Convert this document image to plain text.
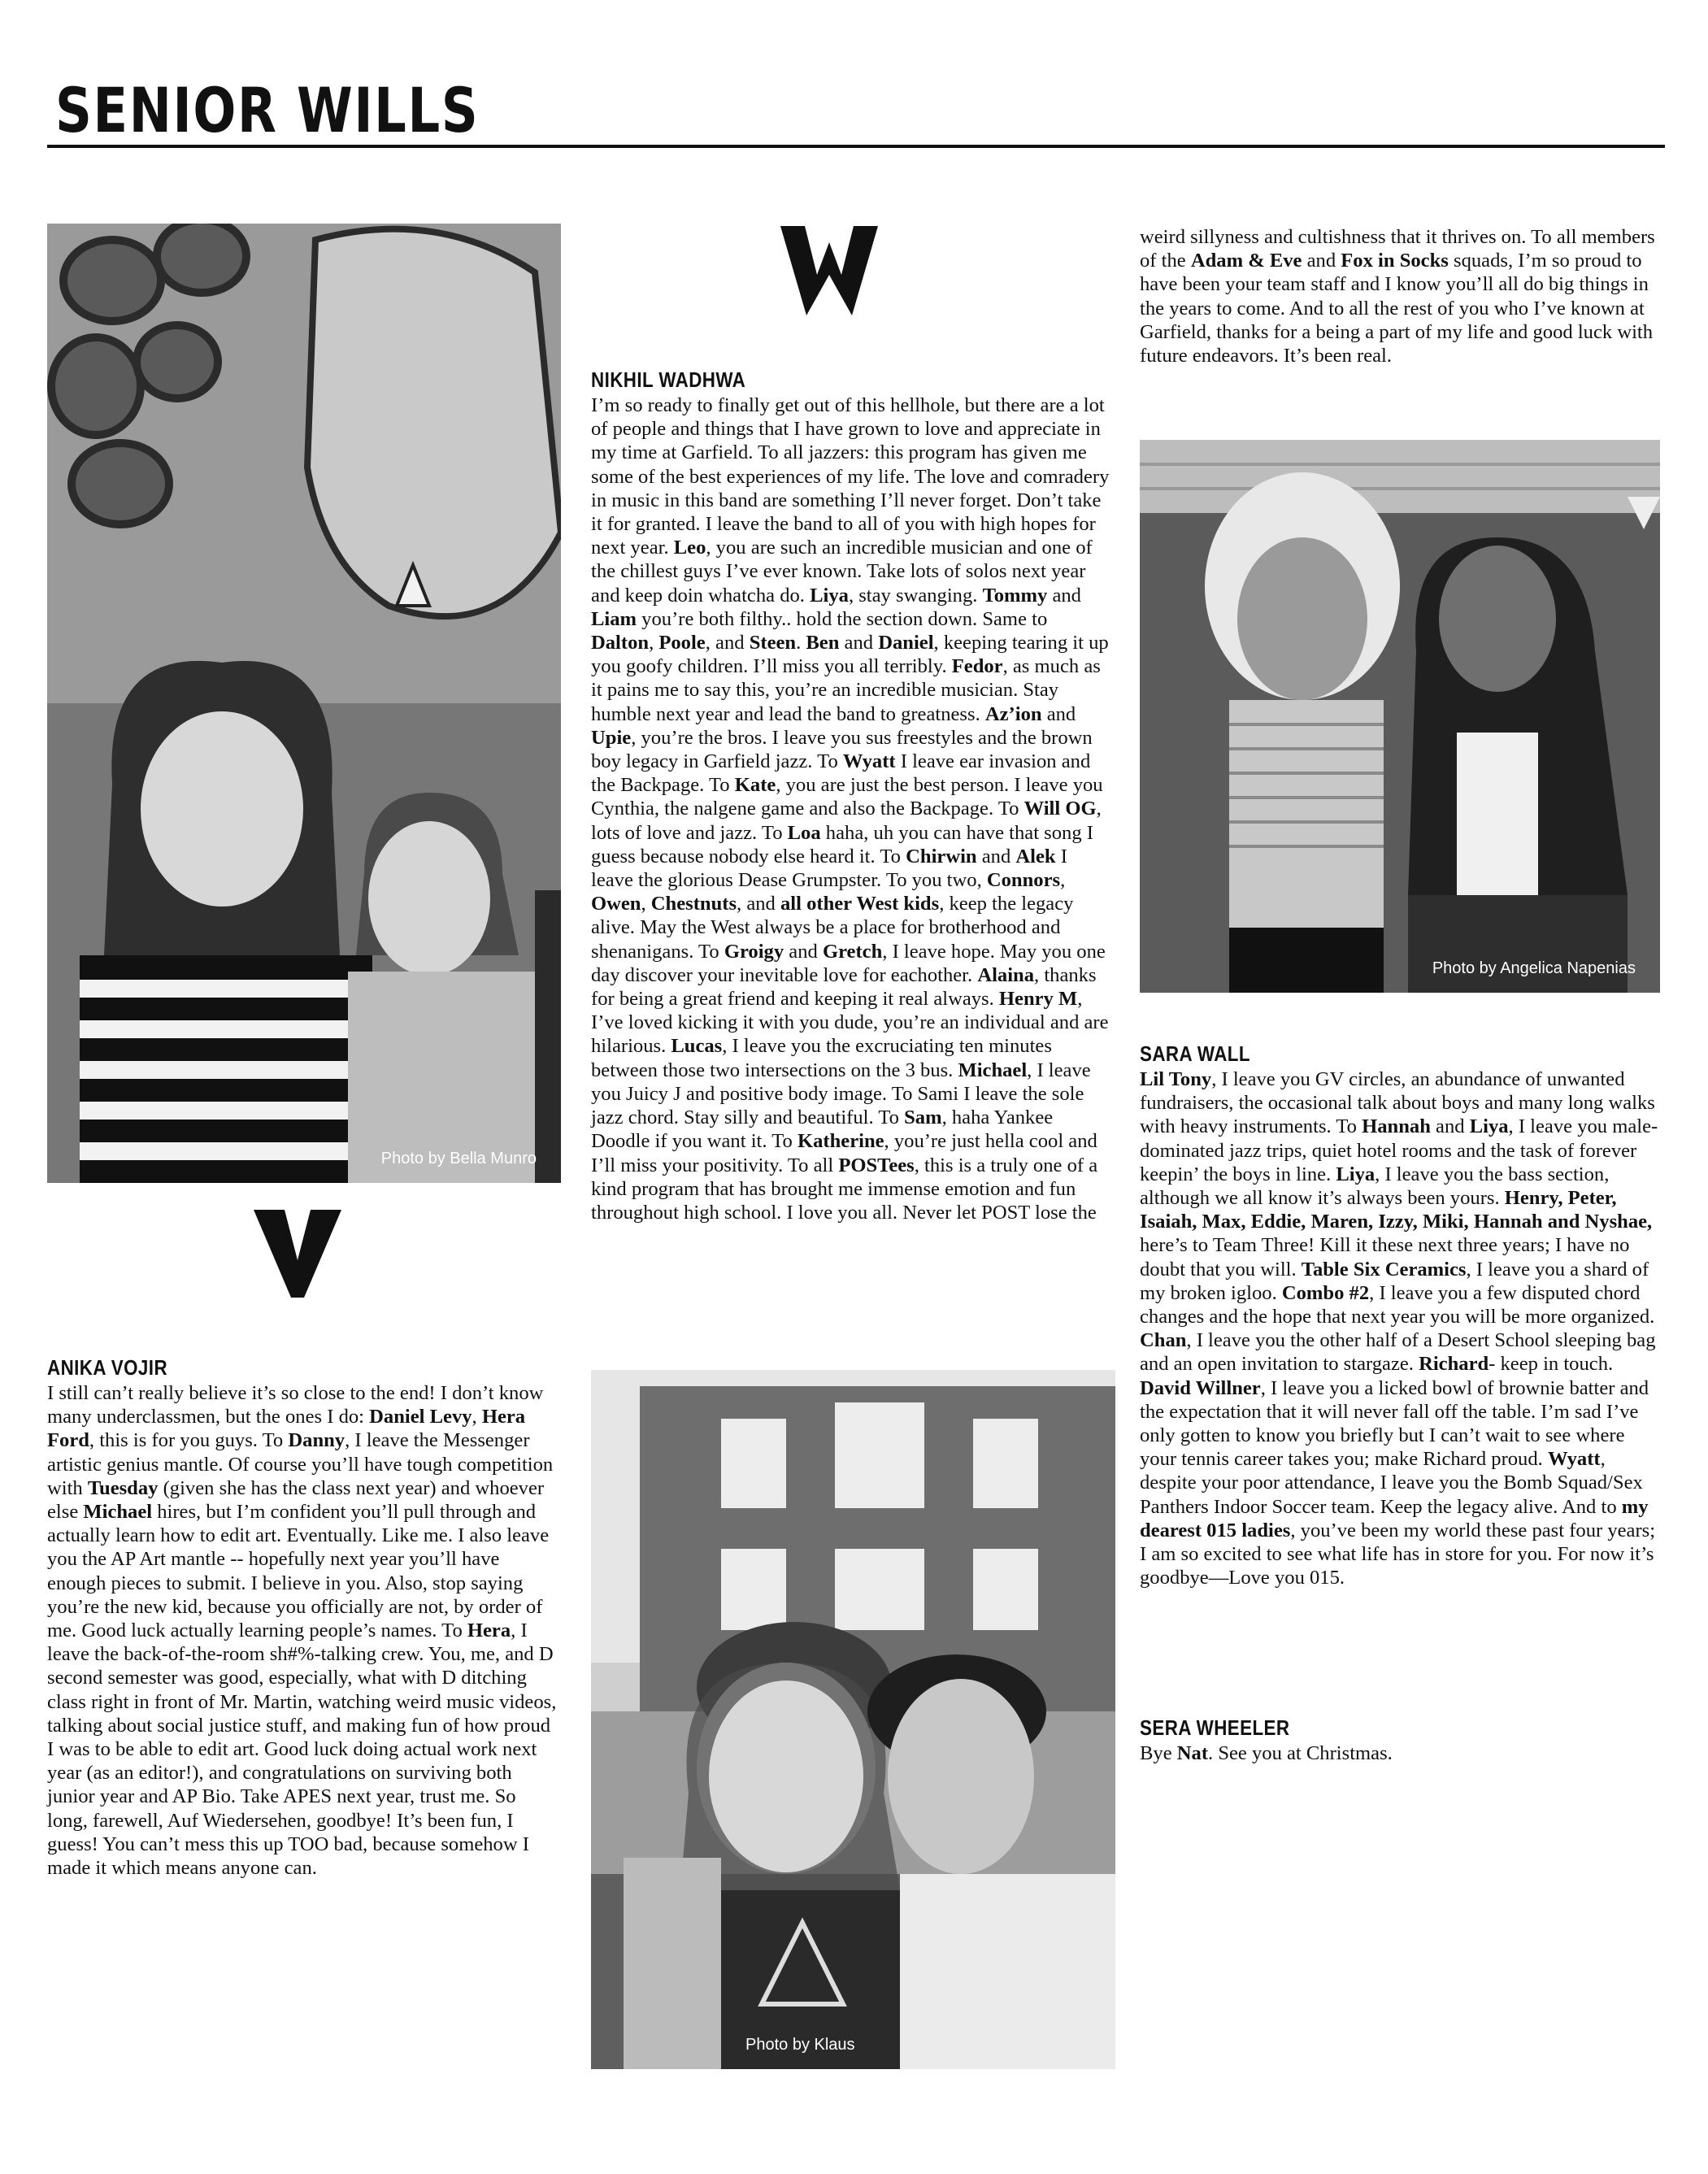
SENIOR WILLS
Photo by Bella Munro
NIKHIL WADHWA

I’m so ready to finally get out of this hellhole, but there are a lot of people and things that I have grown to love and appreciate in my time at Garfield. To all jazzers: this program has given me some of the best experiences of my life. The love and comradery in music in this band are something I’ll never forget. Don’t take it for granted. I leave the band to all of you with high hopes for next year. Leo, you are such an incredible musician and one of the chillest guys I’ve ever known. Take lots of solos next year and keep doin whatcha do. Liya, stay swanging. Tommy and Liam you’re both filthy.. hold the section down. Same to Dalton, Poole, and Steen. Ben and Daniel, keeping tearing it up you goofy children. I’ll miss you all terribly. Fedor, as much as it pains me to say this, you’re an incredible musician. Stay humble next year and lead the band to greatness. Az’ion and Upie, you’re the bros. I leave you sus freestyles and the brown boy legacy in Garfield jazz. To Wyatt I leave ear invasion and the Backpage. To Kate, you are just the best person. I leave you Cynthia, the nalgene game and also the Backpage. To Will OG, lots of love and jazz. To Loa haha, uh you can have that song I guess because nobody else heard it. To Chirwin and Alek I leave the glorious Dease Grumpster. To you two, Connors, Owen, Chestnuts, and all other West kids, keep the legacy alive. May the West always be a place for brotherhood and shenanigans. To Groigy and Gretch, I leave hope. May you one day discover your inevitable love for eachother. Alaina, thanks for being a great friend and keeping it real always. Henry M, I’ve loved kicking it with you dude, you’re an individual and are hilarious. Lucas, I leave you the excruciating ten minutes between those two intersections on the 3 bus. Michael, I leave you Juicy J and positive body image. To Sami I leave the sole jazz chord. Stay silly and beautiful. To Sam, haha Yankee Doodle if you want it. To Katherine, you’re just hella cool and I’ll miss your positivity. To all POSTees, this is a truly one of a kind program that has brought me immense emotion and fun throughout high school. I love you all. Never let POST lose the

Photo by Klaus

weird sillyness and cultishness that it thrives on. To all members of the Adam & Eve and Fox in Socks squads, I’m so proud to have been your team staff and I know you’ll all do big things in the years to come. And to all the rest of you who I’ve known at Garfield, thanks for a being a part of my life and good luck with future endeavors. It’s been real.

Photo by Angelica Napenias
SARA WALL

Lil Tony, I leave you GV circles, an abundance of unwanted fundraisers, the occasional talk about boys and many long walks with heavy instruments. To Hannah and Liya, I leave you male-dominated jazz trips, quiet hotel rooms and the task of forever keepin’ the boys in line. Liya, I leave you the bass section, although we all know it’s always been yours. Henry, Peter, Isaiah, Max, Eddie, Maren, Izzy, Miki, Hannah and Nyshae, here’s to Team Three! Kill it these next three years; I have no doubt that you will. Table Six Ceramics, I leave you a shard of my broken igloo. Combo #2, I leave you a few disputed chord changes and the hope that next year you will be more organized. Chan, I leave you the other half of a Desert School sleeping bag and an open invitation to stargaze. Richard- keep in touch. David Willner, I leave you a licked bowl of brownie batter and the expectation that it will never fall off the table. I’m sad I’ve only gotten to know you briefly but I can’t wait to see where your tennis career takes you; make Richard proud. Wyatt, despite your poor attendance, I leave you the Bomb Squad/Sex Panthers Indoor Soccer team. Keep the legacy alive. And to my dearest 015 ladies, you’ve been my world these past four years; I am so excited to see what life has in store for you. For now it’s goodbye—Love you 015.

SERA WHEELER

Bye Nat. See you at Christmas.

ANIKA VOJIR

I still can’t really believe it’s so close to the end! I don’t know many underclassmen, but the ones I do: Daniel Levy, Hera Ford, this is for you guys. To Danny, I leave the Messenger artistic genius mantle. Of course you’ll have tough competition with Tuesday (given she has the class next year) and whoever else Michael hires, but I’m confident you’ll pull through and actually learn how to edit art. Eventually. Like me. I also leave you the AP Art mantle -- hopefully next year you’ll have enough pieces to submit. I believe in you. Also, stop saying you’re the new kid, because you officially are not, by order of me. Good luck actually learning people’s names. To Hera, I leave the back-of-the-room sh#%-talking crew. You, me, and D second semester was good, especially, what with D ditching class right in front of Mr. Martin, watching weird music videos, talking about social justice stuff, and making fun of how proud I was to be able to edit art. Good luck doing actual work next year (as an editor!), and congratulations on surviving both junior year and AP Bio. Take APES next year, trust me. So long, farewell, Auf Wiedersehen, goodbye! It’s been fun, I guess! You can’t mess this up TOO bad, because somehow I made it which means anyone can.
